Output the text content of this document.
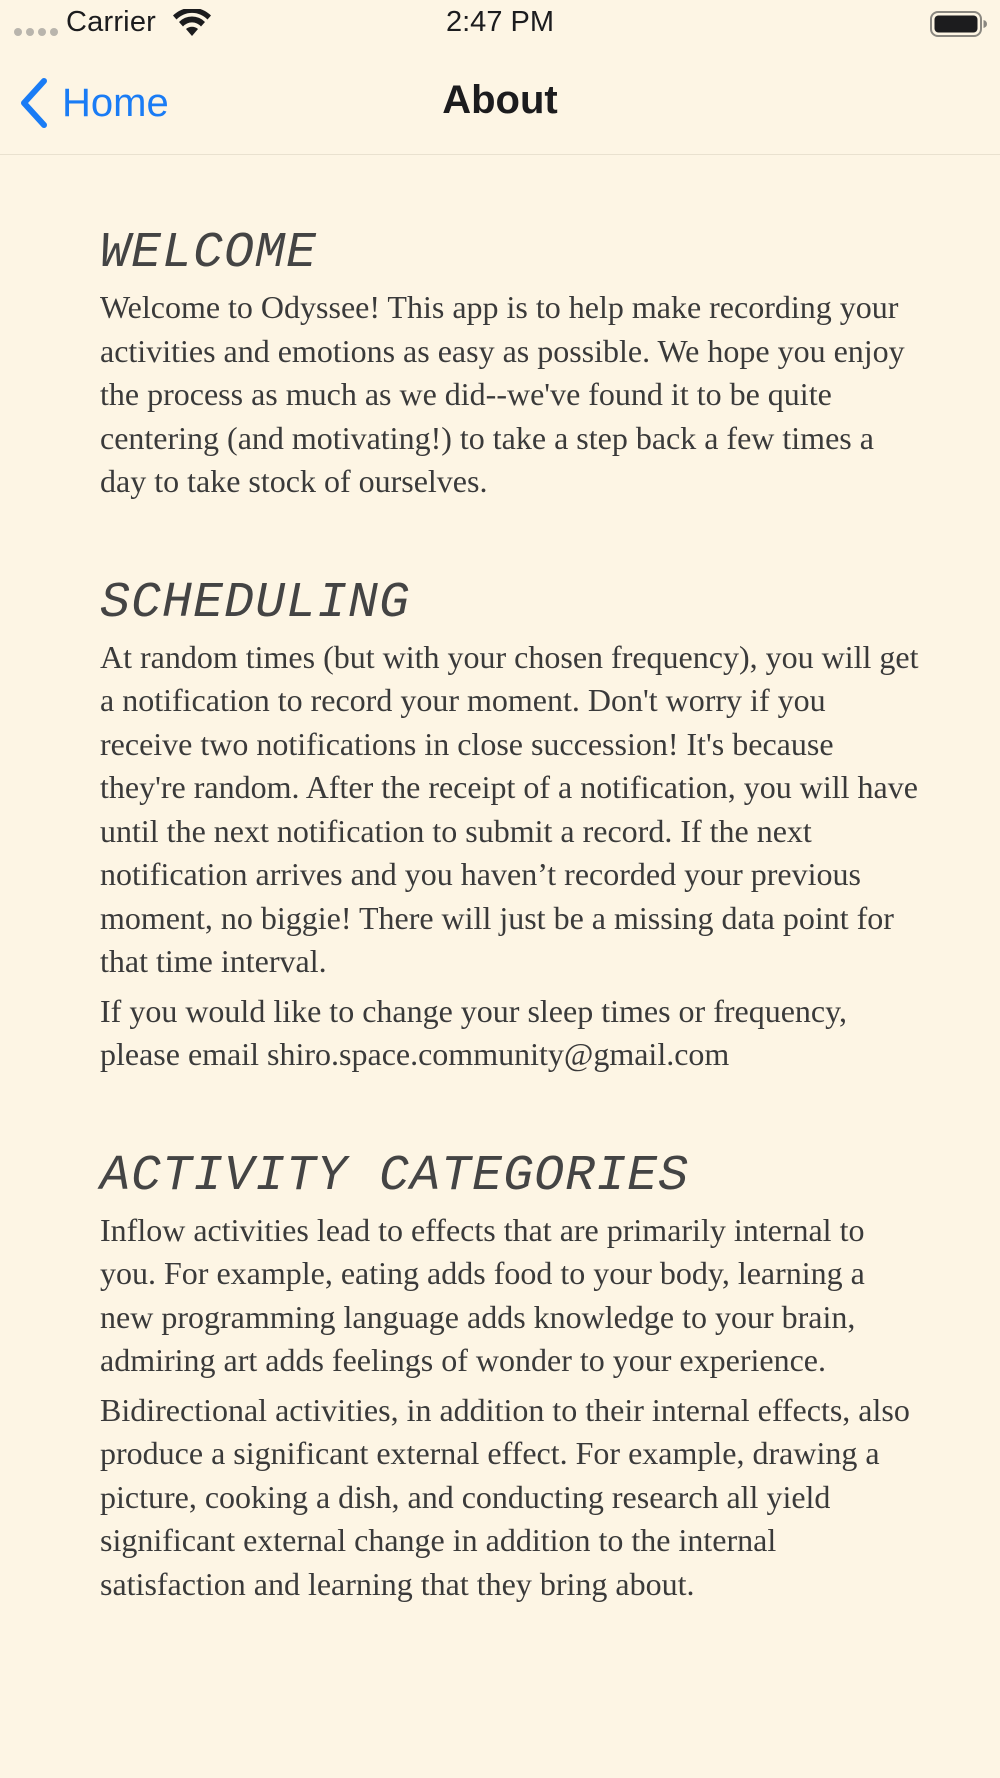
Carrier	2:47 PM
Home	About
WELCOME

Welcome to Odyssee! This app is to help make recording your activities and emotions as easy as possible. We hope you enjoy the process as much as we did--we've found it to be quite centering (and motivating!) to take a step back a few times a day to take stock of ourselves.

SCHEDULING

At random times (but with your chosen frequency), you will get a notification to record your moment. Don't worry if you receive two notifications in close succession! It's because they're random. After the receipt of a notification, you will have until the next notification to submit a record. If the next notification arrives and you haven’t recorded your previous moment, no biggie! There will just be a missing data point for that time interval.

If you would like to change your sleep times or frequency, please email shiro.space.community@gmail.com

ACTIVITY CATEGORIES

Inflow activities lead to effects that are primarily internal to you. For example, eating adds food to your body, learning a new programming language adds knowledge to your brain, admiring art adds feelings of wonder to your experience.

Bidirectional activities, in addition to their internal effects, also produce a significant external effect. For example, drawing a picture, cooking a dish, and conducting research all yield significant external change in addition to the internal satisfaction and learning that they bring about.
